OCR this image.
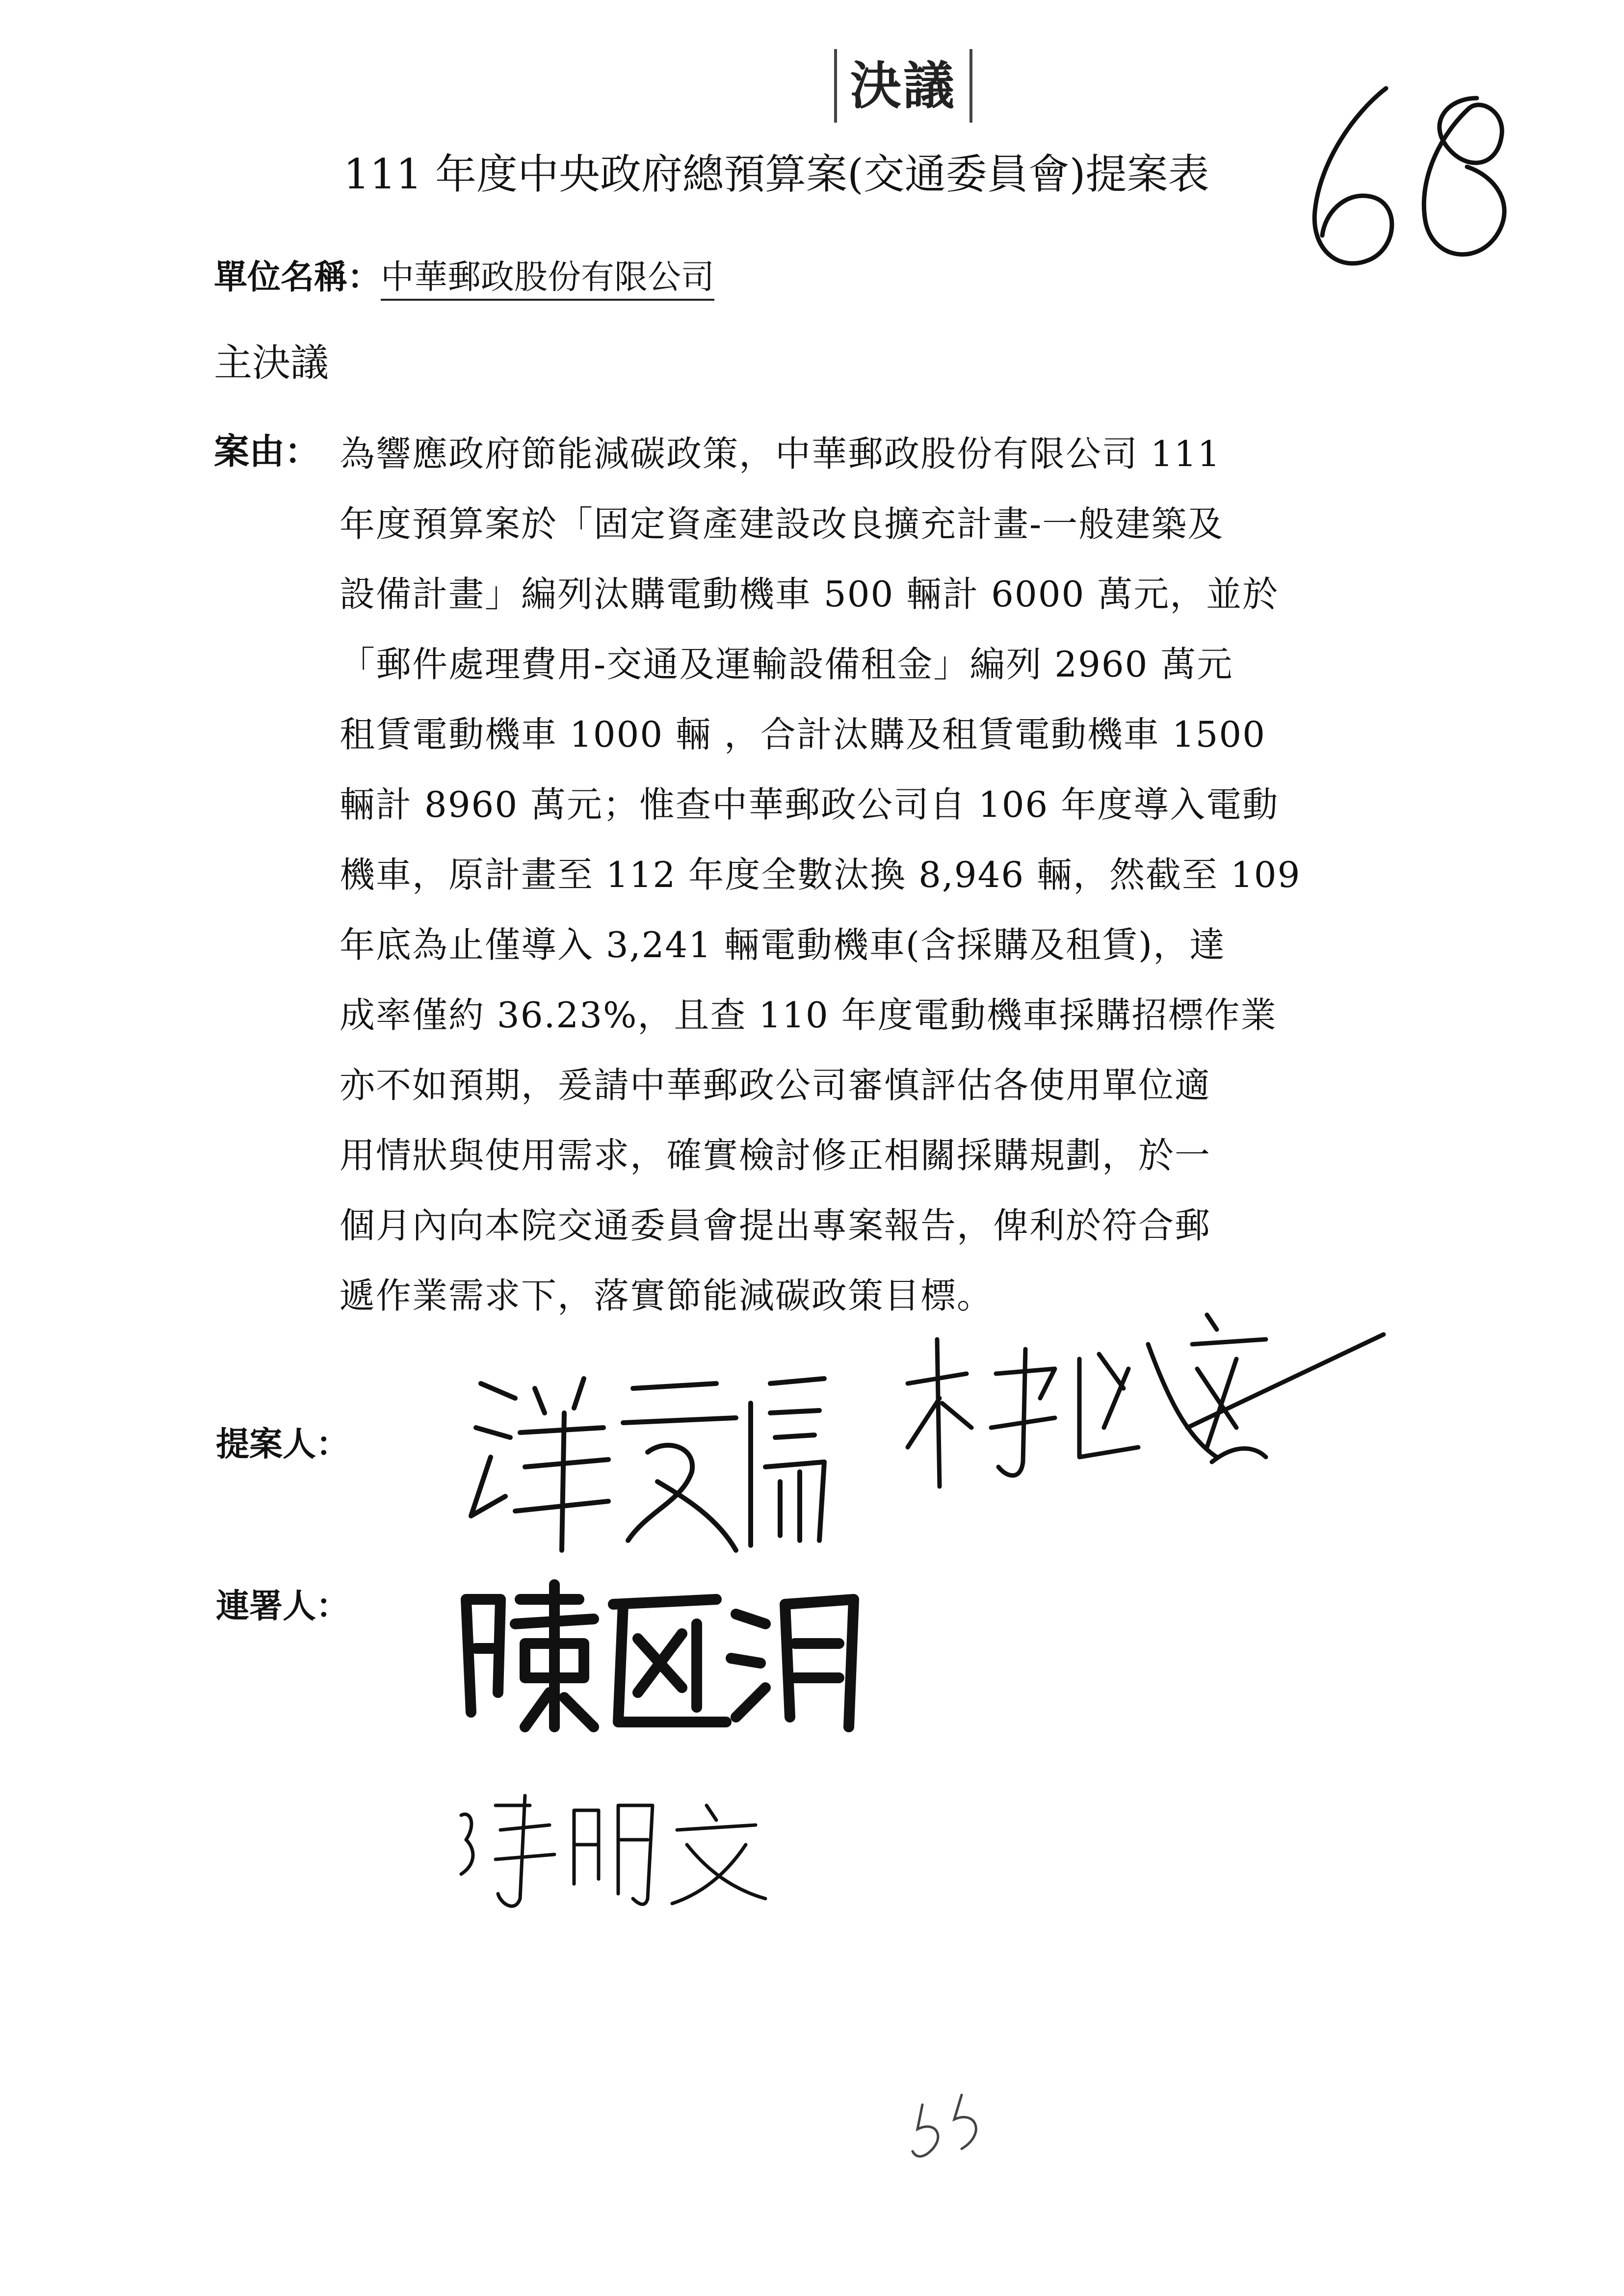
決議
111 年度中央政府總預算案(交通委員會)提案表
單位名稱：中華郵政股份有限公司
主決議
案由： 為響應政府節能減碳政策，中華郵政股份有限公司 111
年度預算案於「固定資產建設改良擴充計畫-一般建築及
設備計畫」編列汰購電動機車 500 輛計 6000 萬元，並於
「郵件處理費用-交通及運輸設備租金」編列 2960 萬元
租賃電動機車 1000 輛 ，合計汰購及租賃電動機車 1500
輛計 8960 萬元；惟查中華郵政公司自 106 年度導入電動
機車，原計畫至 112 年度全數汰換 8,946 輛，然截至 109
年底為止僅導入 3,241 輛電動機車(含採購及租賃)，達
成率僅約 36.23%，且查 110 年度電動機車採購招標作業
亦不如預期，爰請中華郵政公司審慎評估各使用單位適
用情狀與使用需求，確實檢討修正相關採購規劃，於一
個月內向本院交通委員會提出專案報告，俾利於符合郵
遞作業需求下，落實節能減碳政策目標。
提案人：
連署人：
